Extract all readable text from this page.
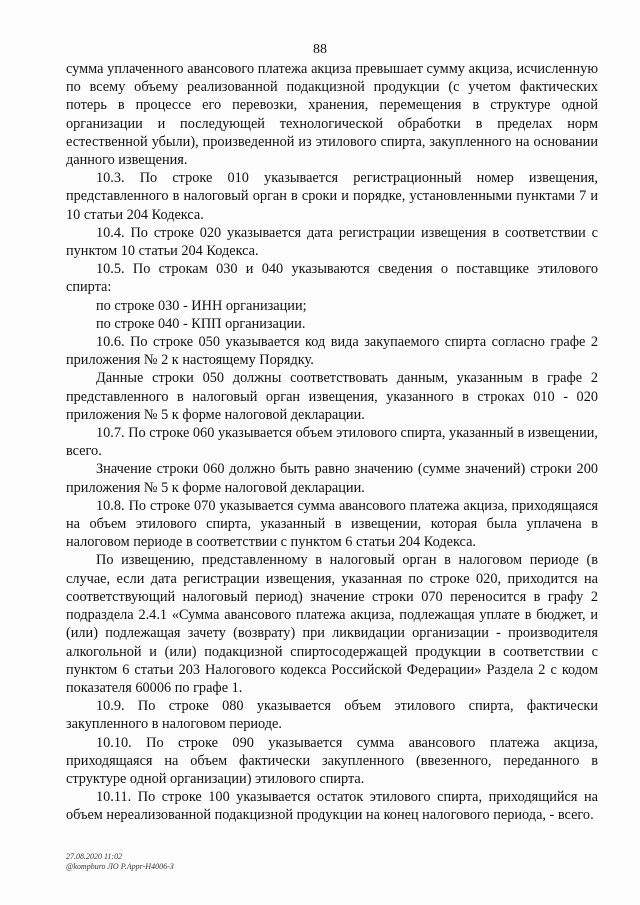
88

сумма уплаченного авансового платежа акциза превышает сумму акциза, исчисленную по всему объему реализованной подакцизной продукции (с учетом фактических потерь в процессе его перевозки, хранения, перемещения в структуре одной организации и последующей технологической обработки в пределах норм естественной убыли), произведенной из этилового спирта, закупленного на основании данного извещения.

10.3. По строке 010 указывается регистрационный номер извещения, представленного в налоговый орган в сроки и порядке, установленными пунктами 7 и 10 статьи 204 Кодекса.

10.4. По строке 020 указывается дата регистрации извещения в соответствии с пунктом 10 статьи 204 Кодекса.

10.5. По строкам 030 и 040 указываются сведения о поставщике этилового спирта:

по строке 030 - ИНН организации;

по строке 040 - КПП организации.

10.6. По строке 050 указывается код вида закупаемого спирта согласно графе 2 приложения № 2 к настоящему Порядку.

Данные строки 050 должны соответствовать данным, указанным в графе 2 представленного в налоговый орган извещения, указанного в строках 010 - 020 приложения № 5 к форме налоговой декларации.

10.7. По строке 060 указывается объем этилового спирта, указанный в извещении, всего.

Значение строки 060 должно быть равно значению (сумме значений) строки 200 приложения № 5 к форме налоговой декларации.

10.8. По строке 070 указывается сумма авансового платежа акциза, приходящаяся на объем этилового спирта, указанный в извещении, которая была уплачена в налоговом периоде в соответствии с пунктом 6 статьи 204 Кодекса.

По извещению, представленному в налоговый орган в налоговом периоде (в случае, если дата регистрации извещения, указанная по строке 020, приходится на соответствующий налоговый период) значение строки 070 переносится в графу 2 подраздела 2.4.1 «Сумма авансового платежа акциза, подлежащая уплате в бюджет, и (или) подлежащая зачету (возврату) при ликвидации организации - производителя алкогольной и (или) подакцизной спиртосодержащей продукции в соответствии с пунктом 6 статьи 203 Налогового кодекса Российской Федерации» Раздела 2 с кодом показателя 60006 по графе 1.

10.9. По строке 080 указывается объем этилового спирта, фактически закупленного в налоговом периоде.

10.10. По строке 090 указывается сумма авансового платежа акциза, приходящаяся на объем фактически закупленного (ввезенного, переданного в структуре одной организации) этилового спирта.

10.11. По строке 100 указывается остаток этилового спирта, приходящийся на объем нереализованной подакцизной продукции на конец налогового периода, - всего.

27.08.2020 11:02
@kompburo ЛО Р.Appr-H4006-3
